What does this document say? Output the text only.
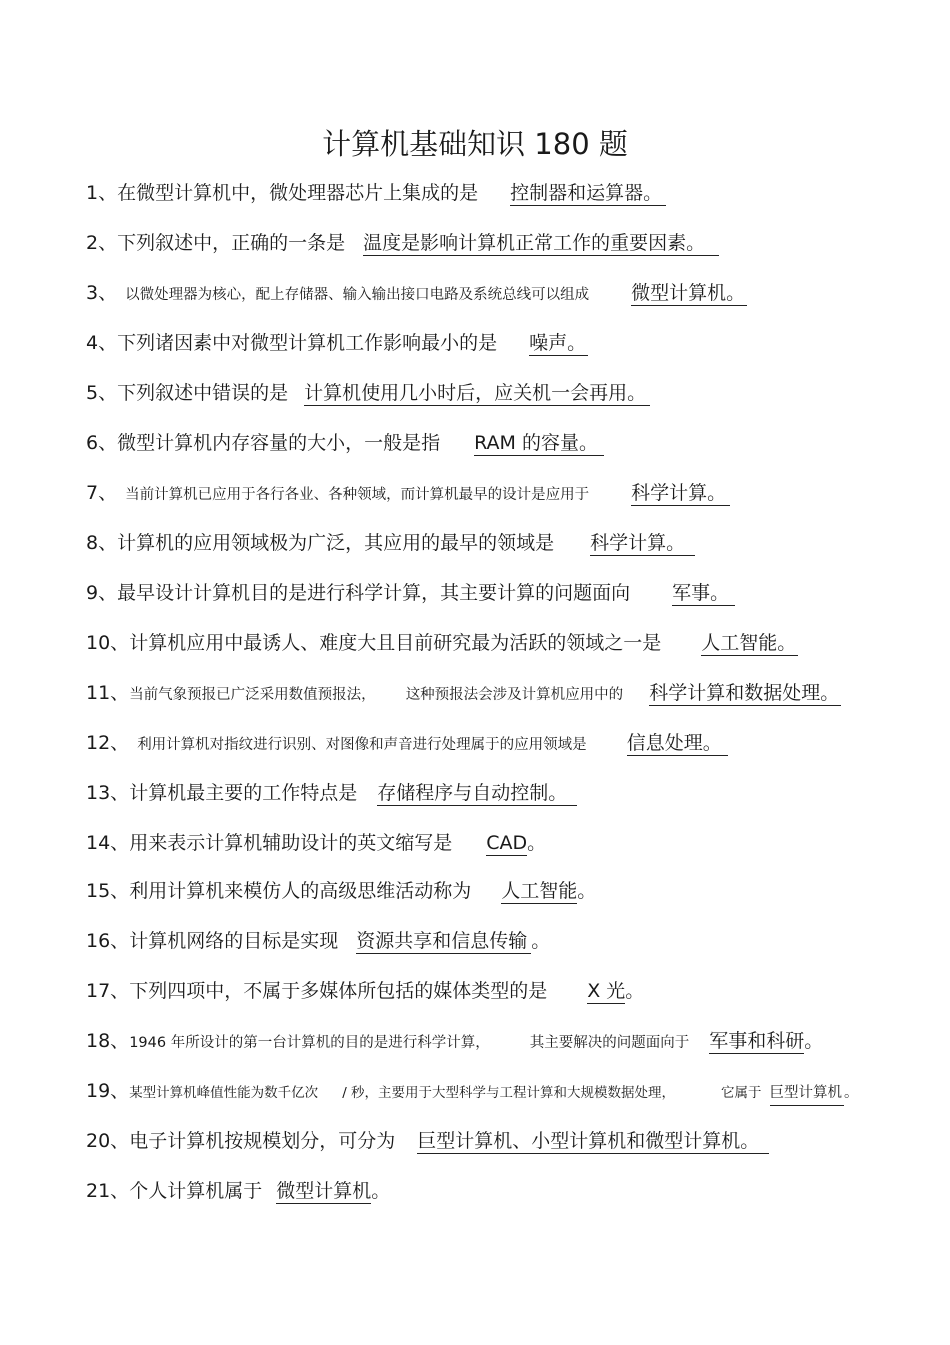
计算机基础知识 180 题
1、在微型计算机中，微处理器芯片上集成的是 控制器和运算器。
2、下列叙述中，正确的一条是 温度是影响计算机正常工作的重要因素。
3、 以微处理器为核心，配上存储器、输入输出接口电路及系统总线可以组成 微型计算机。
4、下列诸因素中对微型计算机工作影响最小的是 噪声。
5、下列叙述中错误的是 计算机使用几小时后，应关机一会再用。
6、微型计算机内存容量的大小，一般是指 RAM 的容量。
7、 当前计算机已应用于各行各业、各种领域，而计算机最早的设计是应用于 科学计算。
8、计算机的应用领域极为广泛，其应用的最早的领域是 科学计算。
9、最早设计计算机目的是进行科学计算，其主要计算的问题面向 军事。
10、计算机应用中最诱人、难度大且目前研究最为活跃的领域之一是 人工智能。
11、当前气象预报已广泛采用数值预报法， 这种预报法会涉及计算机应用中的 科学计算和数据处理。
12、 利用计算机对指纹进行识别、对图像和声音进行处理属于的应用领域是 信息处理。
13、计算机最主要的工作特点是 存储程序与自动控制。
14、用来表示计算机辅助设计的英文缩写是 CAD。
15、利用计算机来模仿人的高级思维活动称为 人工智能。
16、计算机网络的目标是实现 资源共享和信息传输 。
17、下列四项中，不属于多媒体所包括的媒体类型的是 X 光。
18、1946 年所设计的第一台计算机的目的是进行科学计算，	其主要解决的问题面向于 军事和科研。
19、某型计算机峰值性能为数千亿次 / 秒，主要用于大型科学与工程计算和大规模数据处理，	它属于 巨型计算机 。
20、电子计算机按规模划分，可分为 巨型计算机、小型计算机和微型计算机。
21、个人计算机属于 微型计算机。
